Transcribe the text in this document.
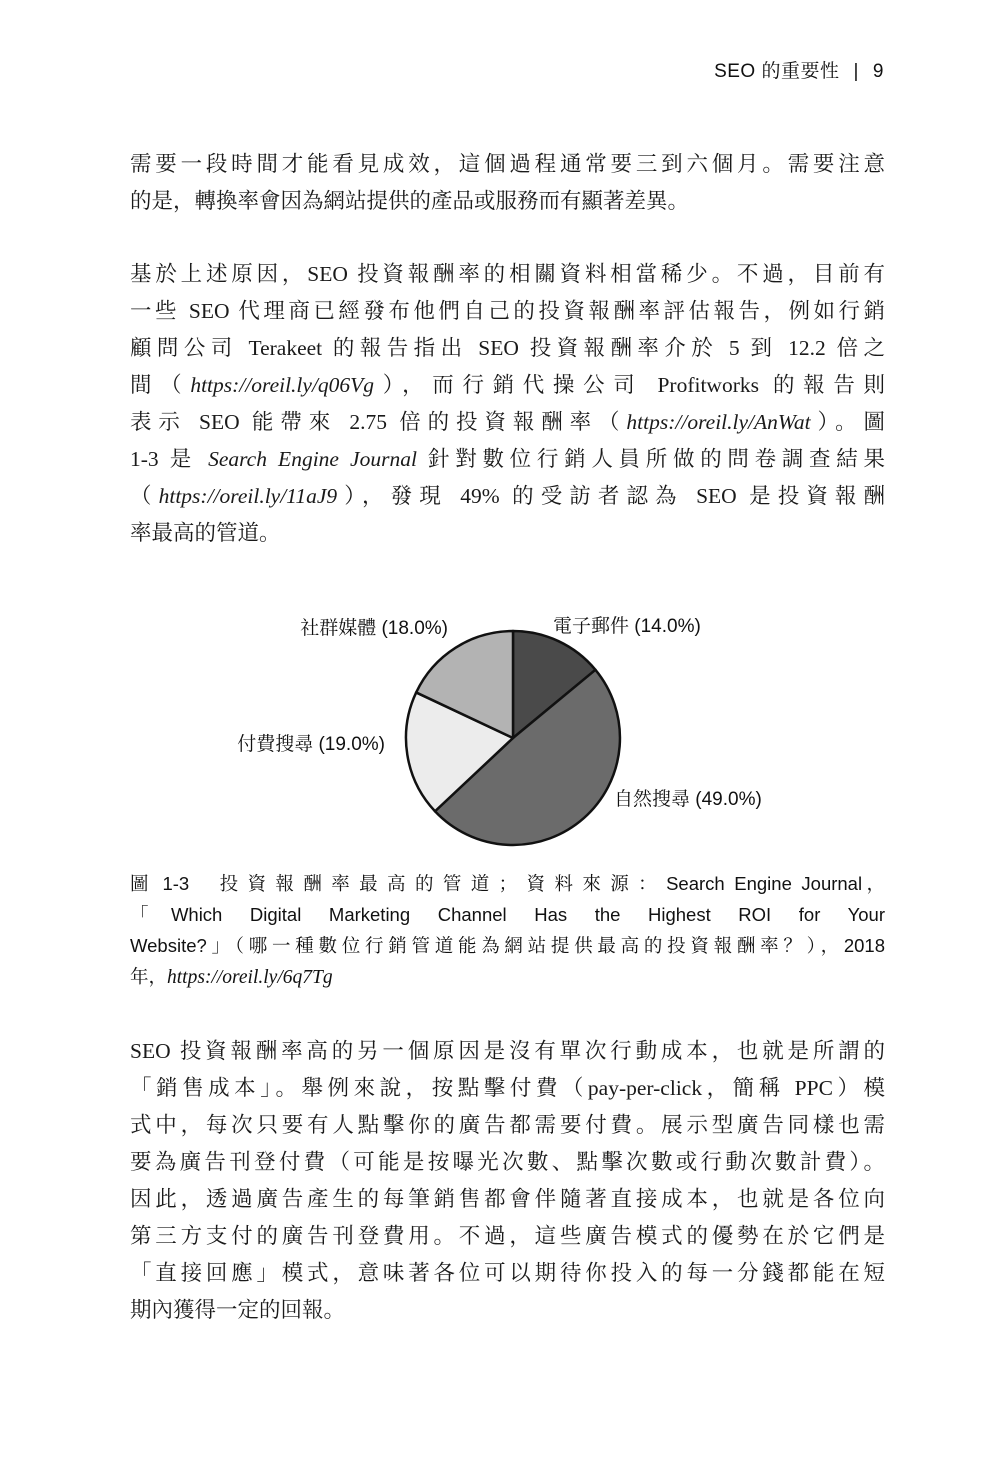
SEO 的重要性 | 9

需要一段時間才能看見成效，這個過程通常要三到六個月。需要注意
的是，轉換率會因為網站提供的產品或服務而有顯著差異。

基於上述原因，SEO 投資報酬率的相關資料相當稀少。不過，目前有
一些 SEO 代理商已經發布他們自己的投資報酬率評估報告，例如行銷
顧問公司 Terakeet 的報告指出 SEO 投資報酬率介於 5 到 12.2 倍之
間（https://oreil.ly/q06Vg），而行銷代操公司 Profitworks 的報告則
表示 SEO 能帶來 2.75 倍的投資報酬率（https://oreil.ly/AnWat）。圖
1-3 是 Search Engine Journal 針對數位行銷人員所做的問卷調查結果
（https://oreil.ly/11aJ9），發現 49% 的受訪者認為 SEO 是投資報酬
率最高的管道。

電子郵件 (14.0%)
自然搜尋 (49.0%)
付費搜尋 (19.0%)
社群媒體 (18.0%)

圖 1-3 投資報酬率最高的管道；資料來源：Search Engine Journal，
「Which Digital Marketing Channel Has the Highest ROI for Your
Website?」（哪一種數位行銷管道能為網站提供最高的投資報酬率？），2018
年，https://oreil.ly/6q7Tg

SEO 投資報酬率高的另一個原因是沒有單次行動成本，也就是所謂的
「銷售成本」。舉例來說，按點擊付費（pay-per-click，簡稱 PPC）模
式中，每次只要有人點擊你的廣告都需要付費。展示型廣告同樣也需
要為廣告刊登付費（可能是按曝光次數、點擊次數或行動次數計費）。
因此，透過廣告產生的每筆銷售都會伴隨著直接成本，也就是各位向
第三方支付的廣告刊登費用。不過，這些廣告模式的優勢在於它們是
「直接回應」模式，意味著各位可以期待你投入的每一分錢都能在短
期內獲得一定的回報。
